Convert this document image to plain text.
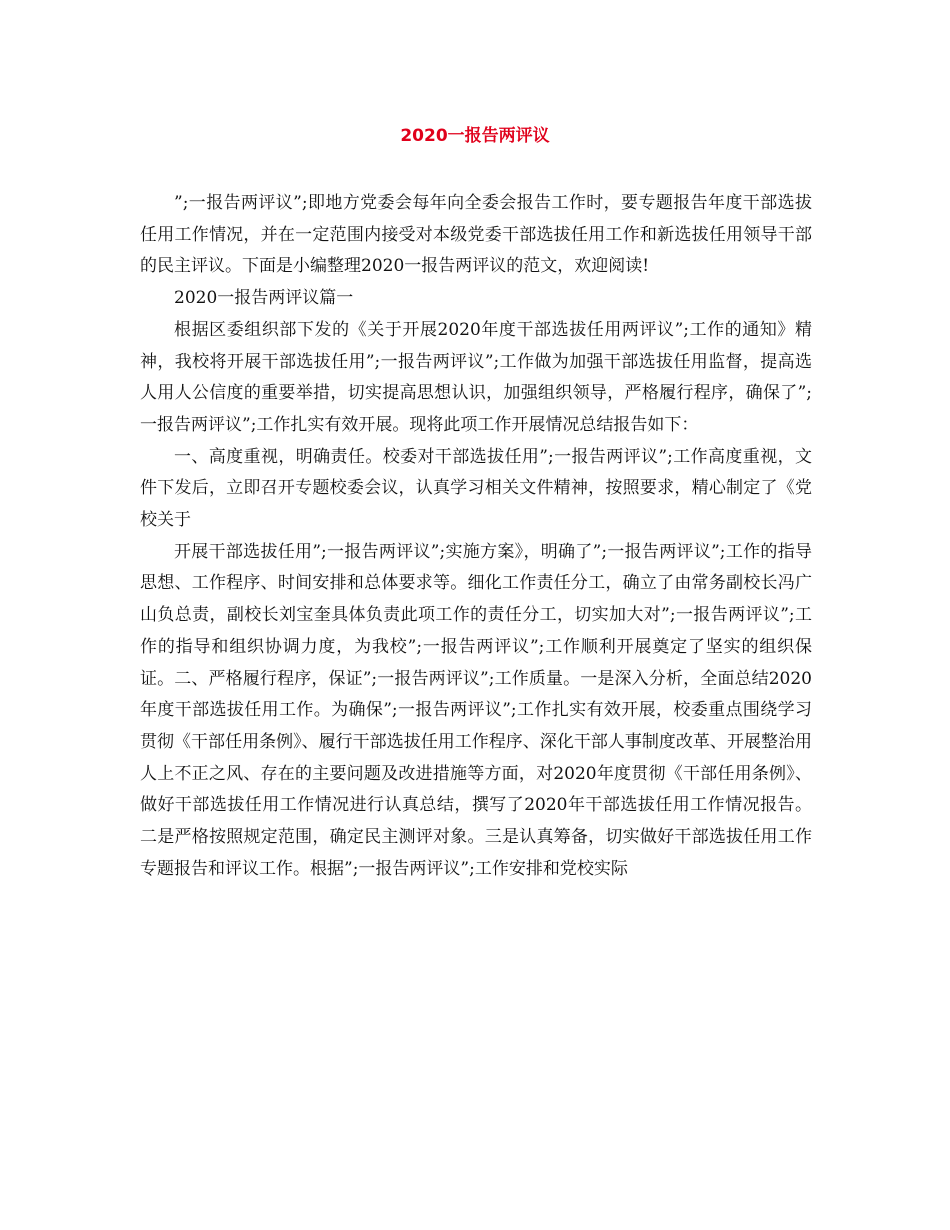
2020一报告两评议

”;一报告两评议”;即地方党委会每年向全委会报告工作时，要专题报告年度干部选拔任用工作情况，并在一定范围内接受对本级党委干部选拔任用工作和新选拔任用领导干部的民主评议。下面是小编整理2020一报告两评议的范文，欢迎阅读!

2020一报告两评议篇一

根据区委组织部下发的《关于开展2020年度干部选拔任用两评议”;工作的通知》精神，我校将开展干部选拔任用”;一报告两评议”;工作做为加强干部选拔任用监督，提高选人用人公信度的重要举措，切实提高思想认识，加强组织领导，严格履行程序，确保了”;一报告两评议”;工作扎实有效开展。现将此项工作开展情况总结报告如下：

一、高度重视，明确责任。校委对干部选拔任用”;一报告两评议”;工作高度重视，文件下发后，立即召开专题校委会议，认真学习相关文件精神，按照要求，精心制定了《党校关于

开展干部选拔任用”;一报告两评议”;实施方案》，明确了”;一报告两评议”;工作的指导思想、工作程序、时间安排和总体要求等。细化工作责任分工，确立了由常务副校长冯广山负总责，副校长刘宝奎具体负责此项工作的责任分工，切实加大对”;一报告两评议”;工作的指导和组织协调力度，为我校”;一报告两评议”;工作顺利开展奠定了坚实的组织保证。二、严格履行程序，保证”;一报告两评议”;工作质量。一是深入分析，全面总结2020年度干部选拔任用工作。为确保”;一报告两评议”;工作扎实有效开展，校委重点围绕学习贯彻《干部任用条例》、履行干部选拔任用工作程序、深化干部人事制度改革、开展整治用人上不正之风、存在的主要问题及改进措施等方面，对2020年度贯彻《干部任用条例》、做好干部选拔任用工作情况进行认真总结，撰写了2020年干部选拔任用工作情况报告。二是严格按照规定范围，确定民主测评对象。三是认真筹备，切实做好干部选拔任用工作专题报告和评议工作。根据”;一报告两评议”;工作安排和党校实际
